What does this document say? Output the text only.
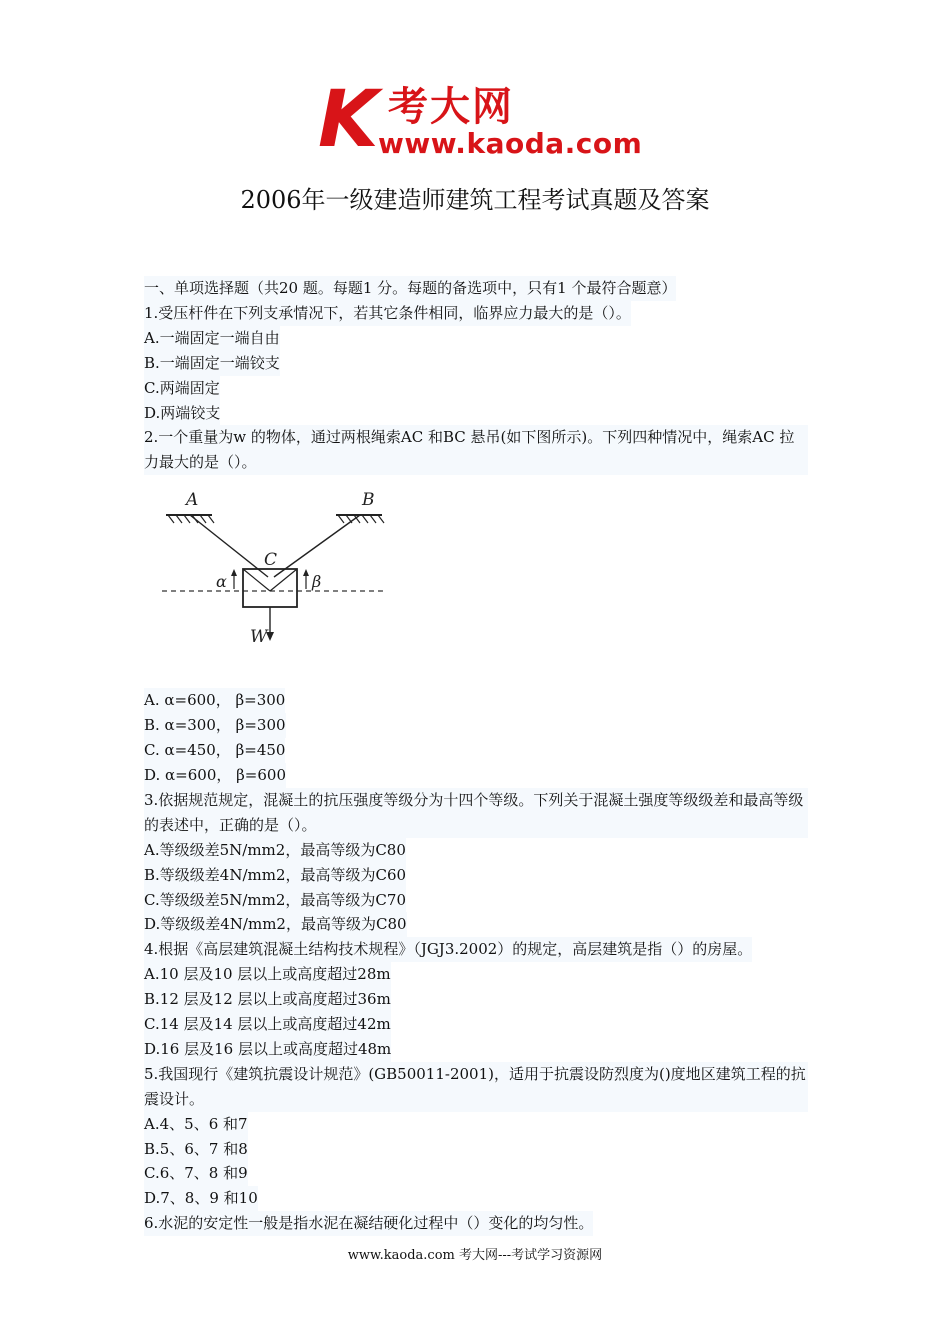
K 考大网
www.kaoda.com
2006年一级建造师建筑工程考试真题及答案
一、单项选择题（共20 题。每题1 分。每题的备选项中，只有1 个最符合题意）
1.受压杆件在下列支承情况下，若其它条件相同，临界应力最大的是（）。
A.一端固定一端自由
B.一端固定一端铰支
C.两端固定
D.两端铰支
2.一个重量为w 的物体，通过两根绳索AC 和BC 悬吊(如下图所示)。下列四种情况中，绳索AC 拉力最大的是（）。
A	B
C
α	β
W
A. α=600， β=300
B. α=300， β=300
C. α=450， β=450
D. α=600， β=600
3.依据规范规定，混凝土的抗压强度等级分为十四个等级。下列关于混凝土强度等级级差和最高等级的表述中，正确的是（）。
A.等级级差5N/mm2，最高等级为C80
B.等级级差4N/mm2，最高等级为C60
C.等级级差5N/mm2，最高等级为C70
D.等级级差4N/mm2，最高等级为C80
4.根据《高层建筑混凝土结构技术规程》（JGJ3.2002）的规定，高层建筑是指（）的房屋。
A.10 层及10 层以上或高度超过28m
B.12 层及12 层以上或高度超过36m
C.14 层及14 层以上或高度超过42m
D.16 层及16 层以上或高度超过48m
5.我国现行《建筑抗震设计规范》(GB50011-2001)，适用于抗震设防烈度为()度地区建筑工程的抗震设计。
A.4、5、6 和7
B.5、6、7 和8
C.6、7、8 和9
D.7、8、9 和10
6.水泥的安定性一般是指水泥在凝结硬化过程中（）变化的均匀性。
www.kaoda.com 考大网---考试学习资源网
